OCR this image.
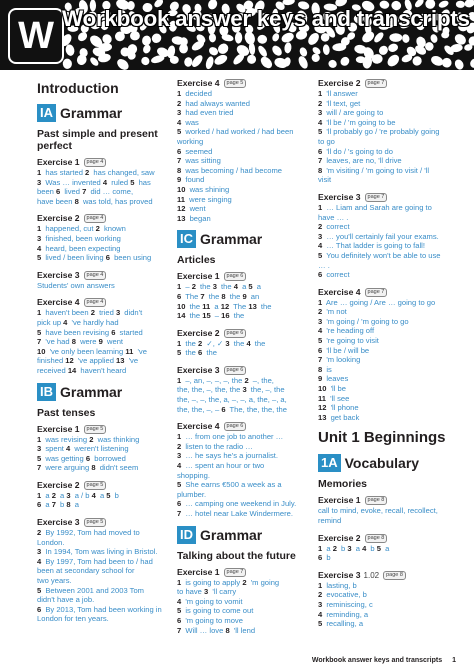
W Workbook answer keys and transcripts
Introduction
IA Grammar
Past simple and present perfect
Exercise 1	page 4
1 has started 2 has changed, saw
3 Was … invented 4 ruled 5 has
been 6 lived 7 did … come,
have been 8 was told, has proved
Exercise 2	page 4
1 happened, cut 2 known
3 finished, been working
4 heard, been expecting
5 lived / been living 6 been using
Exercise 3	page 4
Students' own answers
Exercise 4	page 4
1 haven't been 2 tried 3 didn't
pick up 4 've hardly had
5 have been revising 6 started
7 've had 8 were 9 went
10 've only been learning 11 've
finished 12 've applied 13 've
received 14 haven't heard
IB Grammar
Past tenses
Exercise 1	page 5
1 was revising 2 was thinking
3 spent 4 weren't listening
5 was getting 6 borrowed
7 were arguing 8 didn't seem
Exercise 2	page 5
1 a 2 a 3 a / b 4 a 5 b
6 a 7 b 8 a
Exercise 3	page 5
2 By 1992, Tom had moved to
London.
3 In 1994, Tom was living in Bristol.
4 By 1997, Tom had been to / had
been at secondary school for
two years.
5 Between 2001 and 2003 Tom
didn't have a job.
6 By 2013, Tom had been working in
London for ten years.
Exercise 4	page 5
1 decided
2 had always wanted
3 had even tried
4 was
5 worked / had worked / had been
working
6 seemed
7 was sitting
8 was becoming / had become
9 found
10 was shining
11 were singing
12 went
13 began
IC Grammar
Articles
Exercise 1	page 6
1 – 2 the 3 the 4 a 5 a
6 The 7 the 8 the 9 an
10 the 11 a 12 The 13 the
14 the 15 – 16 the
Exercise 2	page 6
1 the 2 ✓, ✓ 3 the 4 the
5 the 6 the
Exercise 3	page 6
1 –, an, –, –, –, the 2 –, the,
the, the, –, the, the 3 the, –, the
the, –, –, the, a, –, –, a, the, –, a,
the, the, –, – 6 The, the, the, the
Exercise 4	page 6
1 … from one job to another …
2 listen to the radio …
3 … he says he's a journalist.
4 … spent an hour or two shopping.
5 She earns €500 a week as a
plumber.
6 … camping one weekend in July.
7 … hotel near Lake Windermere.
ID Grammar
Talking about the future
Exercise 1	page 7
1 is going to apply 2 'm going
to have 3 'll carry
4 'm going to vomit
5 is going to come out
6 'm going to move
7 Will … love 8 'll lend
Exercise 2	page 7
1 'll answer
2 'll text, get
3 will / are going to
4 'll be / 'm going to be
5 'll probably go / 're probably going
to go
6 'll do / 's going to do
7 leaves, are no, 'll drive
8 'm visiting / 'm going to visit / 'll
visit
Exercise 3	page 7
1 … Liam and Sarah are going to
have … .
2 correct
3 … you'll certainly fail your exams.
4 … That ladder is going to fall!
5 You definitely won't be able to use
… .
6 correct
Exercise 4	page 7
1 Are … going / Are … going to go
2 'm not
3 'm going / 'm going to go
4 're heading off
5 're going to visit
6 'll be / will be
7 'm looking
8 is
9 leaves
10 'll be
11 'll see
12 'll phone
13 get back
Unit 1 Beginnings
1A Vocabulary
Memories
Exercise 1	page 8
call to mind, evoke, recall, recollect,
remind
Exercise 2	page 8
1 a 2 b 3 a 4 b 5 a
6 b
Exercise 3 1.02	page 8
1 lasting, b
2 evocative, b
3 reminiscing, c
4 reminding, a
5 recalling, a
Workbook answer keys and transcripts 1
